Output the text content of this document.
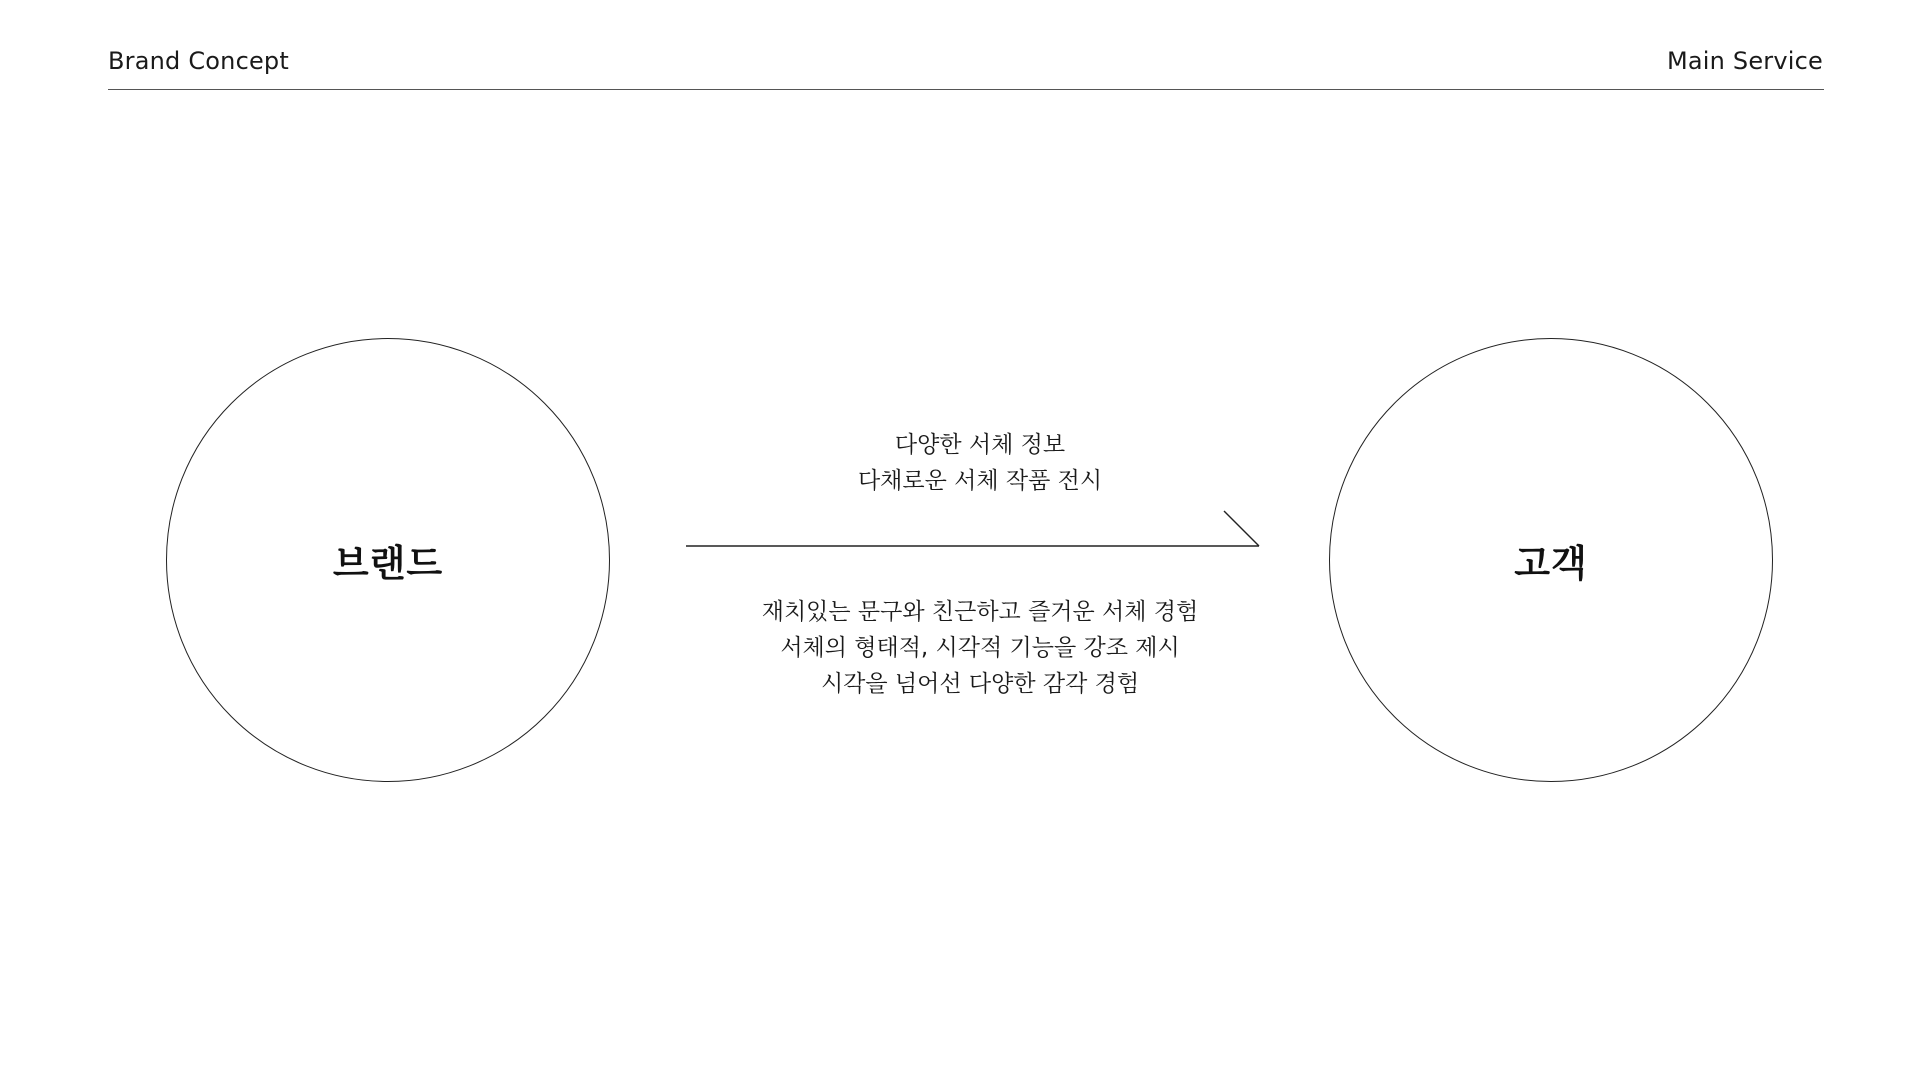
Brand Concept	Main Service
브랜드
다양한 서체 정보
다채로운 서체 작품 전시
재치있는 문구와 친근하고 즐거운 서체 경험
서체의 형태적, 시각적 기능을 강조 제시
시각을 넘어선 다양한 감각 경험
고객
